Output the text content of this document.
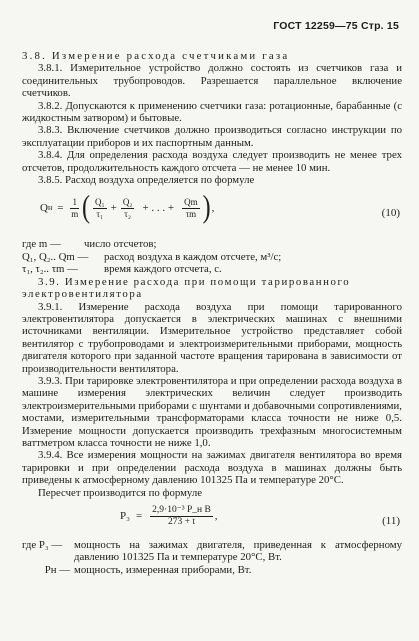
ГОСТ 12259—75 Стр. 15

3.8. Измерение расхода счетчиками газа

3.8.1. Измерительное устройство должно состоять из счетчиков газа и соединительных трубопроводов. Разрешается параллельное включение счетчиков.

3.8.2. Допускаются к применению счетчики газа: ротационные, барабанные (с жидкостным затвором) и бытовые.

3.8.3. Включение счетчиков должно производиться согласно инструкции по эксплуатации приборов и их паспортным данным.

3.8.4. Для определения расхода воздуха следует производить не менее трех отсчетов, продолжительность каждого отсчета — не менее 10 мин.

3.8.5. Расход воздуха определяется по формуле

Q $н = \frac{1}{m}$ ( $\frac{\text{Q₁}}{\text{τ₁}} + \frac{\text{Q₂}}{\text{τ₂}}$ + . . . + $\frac{Qm}{\tau m}$ ) ,	(10)
где m —	число отсчетов;
Q₁, Q₂.. Qm —	расход воздуха в каждом отсчете, м³/с;
τ₁, τ₂.. τm —	время каждого отсчета, с.

3.9. Измерение расхода при помощи тарированного электровентилятора

3.9.1. Измерение расхода воздуха при помощи тарированного электровентилятора допускается в электрических машинах с внешними источниками вентиляции. Измерительное устройство представляет собой вентилятор с трубопроводами и электроизмерительными приборами, мощность двигателя которого при заданной частоте вращения тарирована в зависимости от производительности вентилятора.

3.9.3. При тарировке электровентилятора и при определении расхода воздуха в машине измерения электрических величин следует производить электроизмерительными приборами с шунтами и добавочными сопротивлениями, мостами, измерительными трансформаторами класса точности не ниже 0,5. Измерение мощности допускается производить трехфазным многосистемным ваттметром класса точности не ниже 1,0.

3.9.4. Все измерения мощности на зажимах двигателя вентилятора во время тарировки и при определении расхода воздуха в машинах должны быть приведены к атмосферному давлению 101325 Па и температуре 20°С.

Пересчет производится по формуле

$P_3 = \frac{\text{2,9·10⁻³ P\_н B}}{273 + t}$ ,	(11)
где P₃ —	мощность на зажимах двигателя, приведенная к атмосферному давлению 101325 Па и температуре 20°С, Вт.
Pн — мощность, измеренная приборами, Вт.
